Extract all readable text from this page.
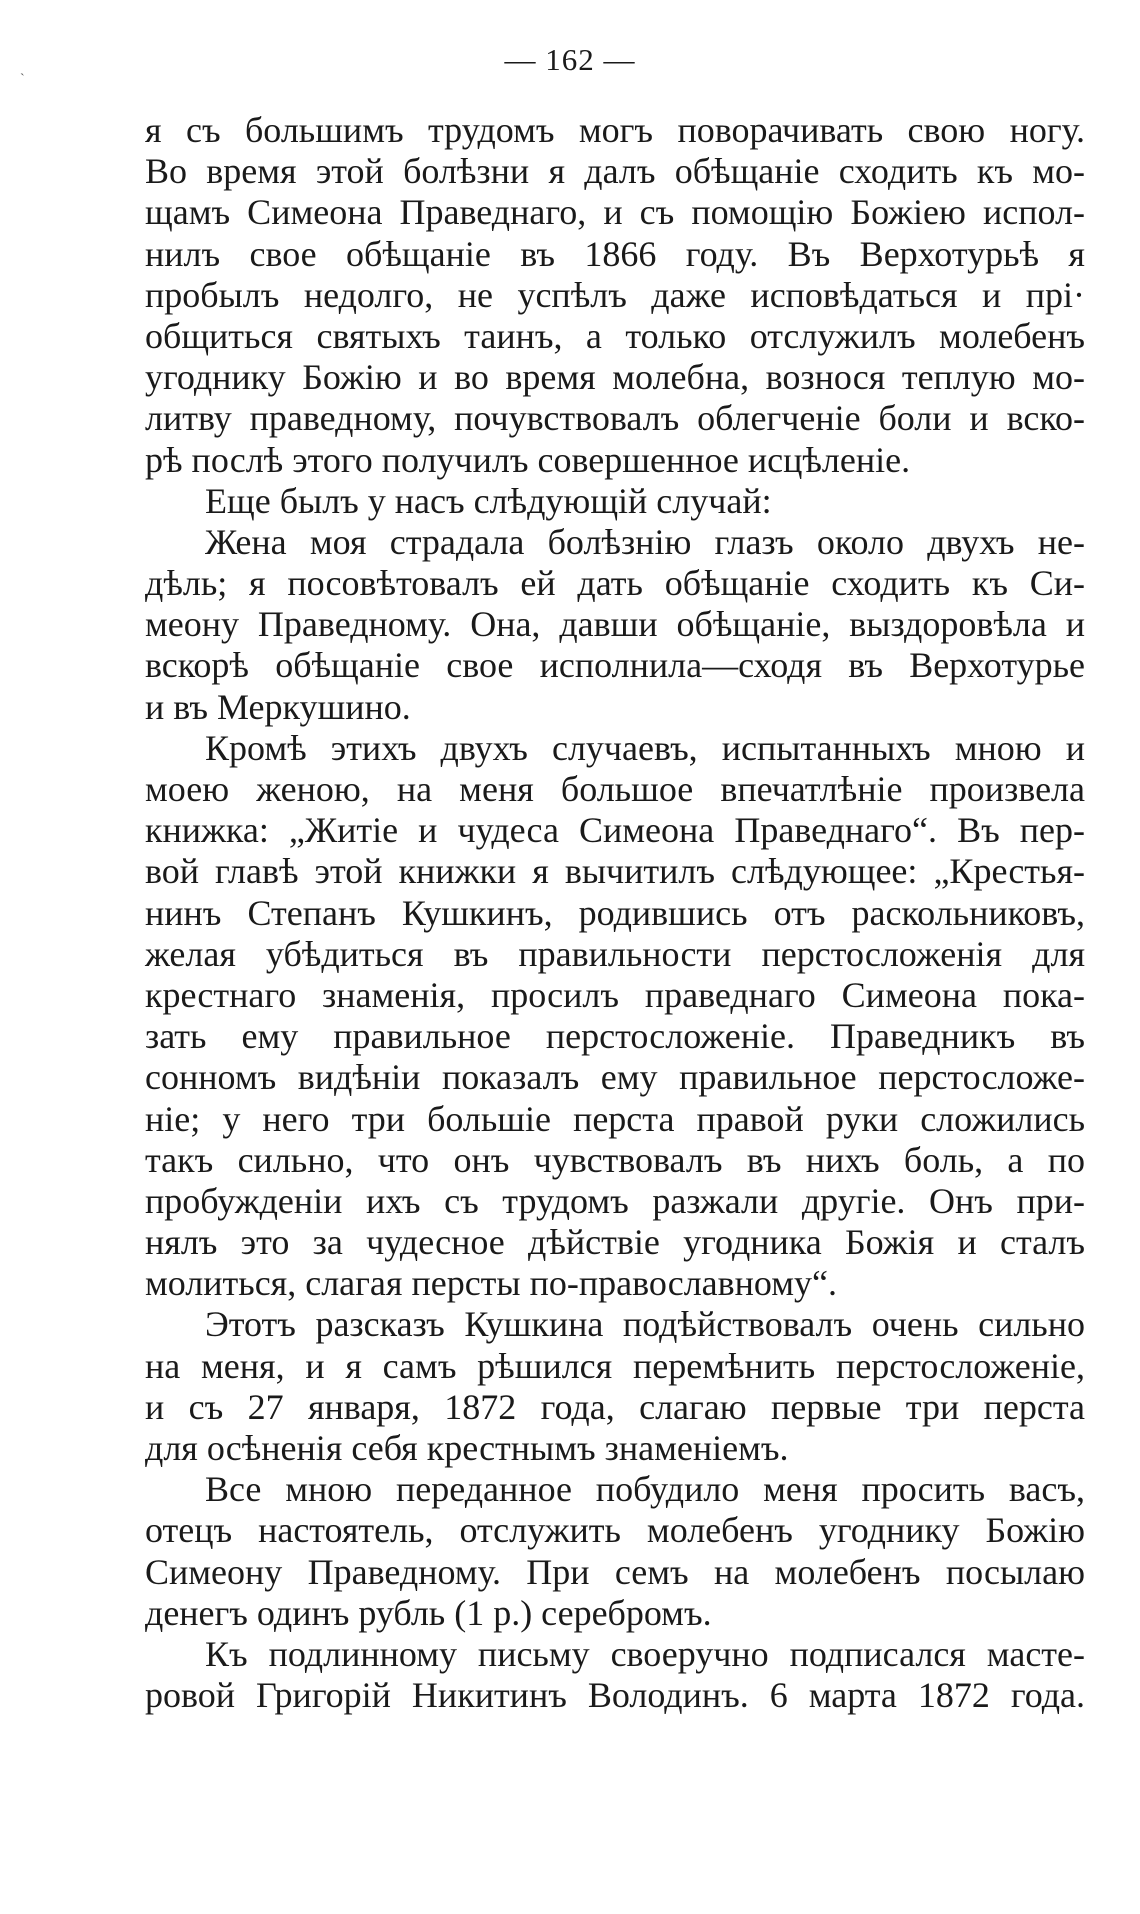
— 162 —
ˋ
я съ большимъ трудомъ могъ поворачивать свою ногу.
Во время этой болѣзни я далъ обѣщаніе сходить къ мо-
щамъ Симеона Праведнаго, и съ помощію Божіею испол-
нилъ свое обѣщаніе въ 1866 году. Въ Верхотурьѣ я
пробылъ недолго, не успѣлъ даже исповѣдаться и прі·
общиться святыхъ таинъ, а только отслужилъ молебенъ
угоднику Божію и во время молебна, вознося теплую мо-
литву праведному, почувствовалъ облегченіе боли и вско-
рѣ послѣ этого получилъ совершенное исцѣленіе.
Еще былъ у насъ слѣдующій случай:
Жена моя страдала болѣзнію глазъ около двухъ не-
дѣль; я посовѣтовалъ ей дать обѣщаніе сходить къ Си-
меону Праведному. Она, давши обѣщаніе, выздоровѣла и
вскорѣ обѣщаніе свое исполнила—сходя въ Верхотурье
и въ Меркушино.
Кромѣ этихъ двухъ случаевъ, испытанныхъ мною и
моею женою, на меня большое впечатлѣніе произвела
книжка: „Житіе и чудеса Симеона Праведнаго“. Въ пер-
вой главѣ этой книжки я вычитилъ слѣдующее: „Крестья-
нинъ Степанъ Кушкинъ, родившись отъ раскольниковъ,
желая убѣдиться въ правильности перстосложенія для
крестнаго знаменія, просилъ праведнаго Симеона пока-
зать ему правильное перстосложеніе. Праведникъ въ
сонномъ видѣніи показалъ ему правильное перстосложе-
ніе; у него три большіе перста правой руки сложились
такъ сильно, что онъ чувствовалъ въ нихъ боль, а по
пробужденіи ихъ съ трудомъ разжали другіе. Онъ при-
нялъ это за чудесное дѣйствіе угодника Божія и сталъ
молиться, слагая персты по-православному“.
Этотъ разсказъ Кушкина подѣйствовалъ очень сильно
на меня, и я самъ рѣшился перемѣнить перстосложеніе,
и съ 27 января, 1872 года, слагаю первые три перста
для осѣненія себя крестнымъ знаменіемъ.
Все мною переданное побудило меня просить васъ,
отецъ настоятель, отслужить молебенъ угоднику Божію
Симеону Праведному. При семъ на молебенъ посылаю
денегъ одинъ рубль (1 р.) серебромъ.
Къ подлинному письму своеручно подписался масте-
ровой Григорій Никитинъ Володинъ. 6 марта 1872 года.
